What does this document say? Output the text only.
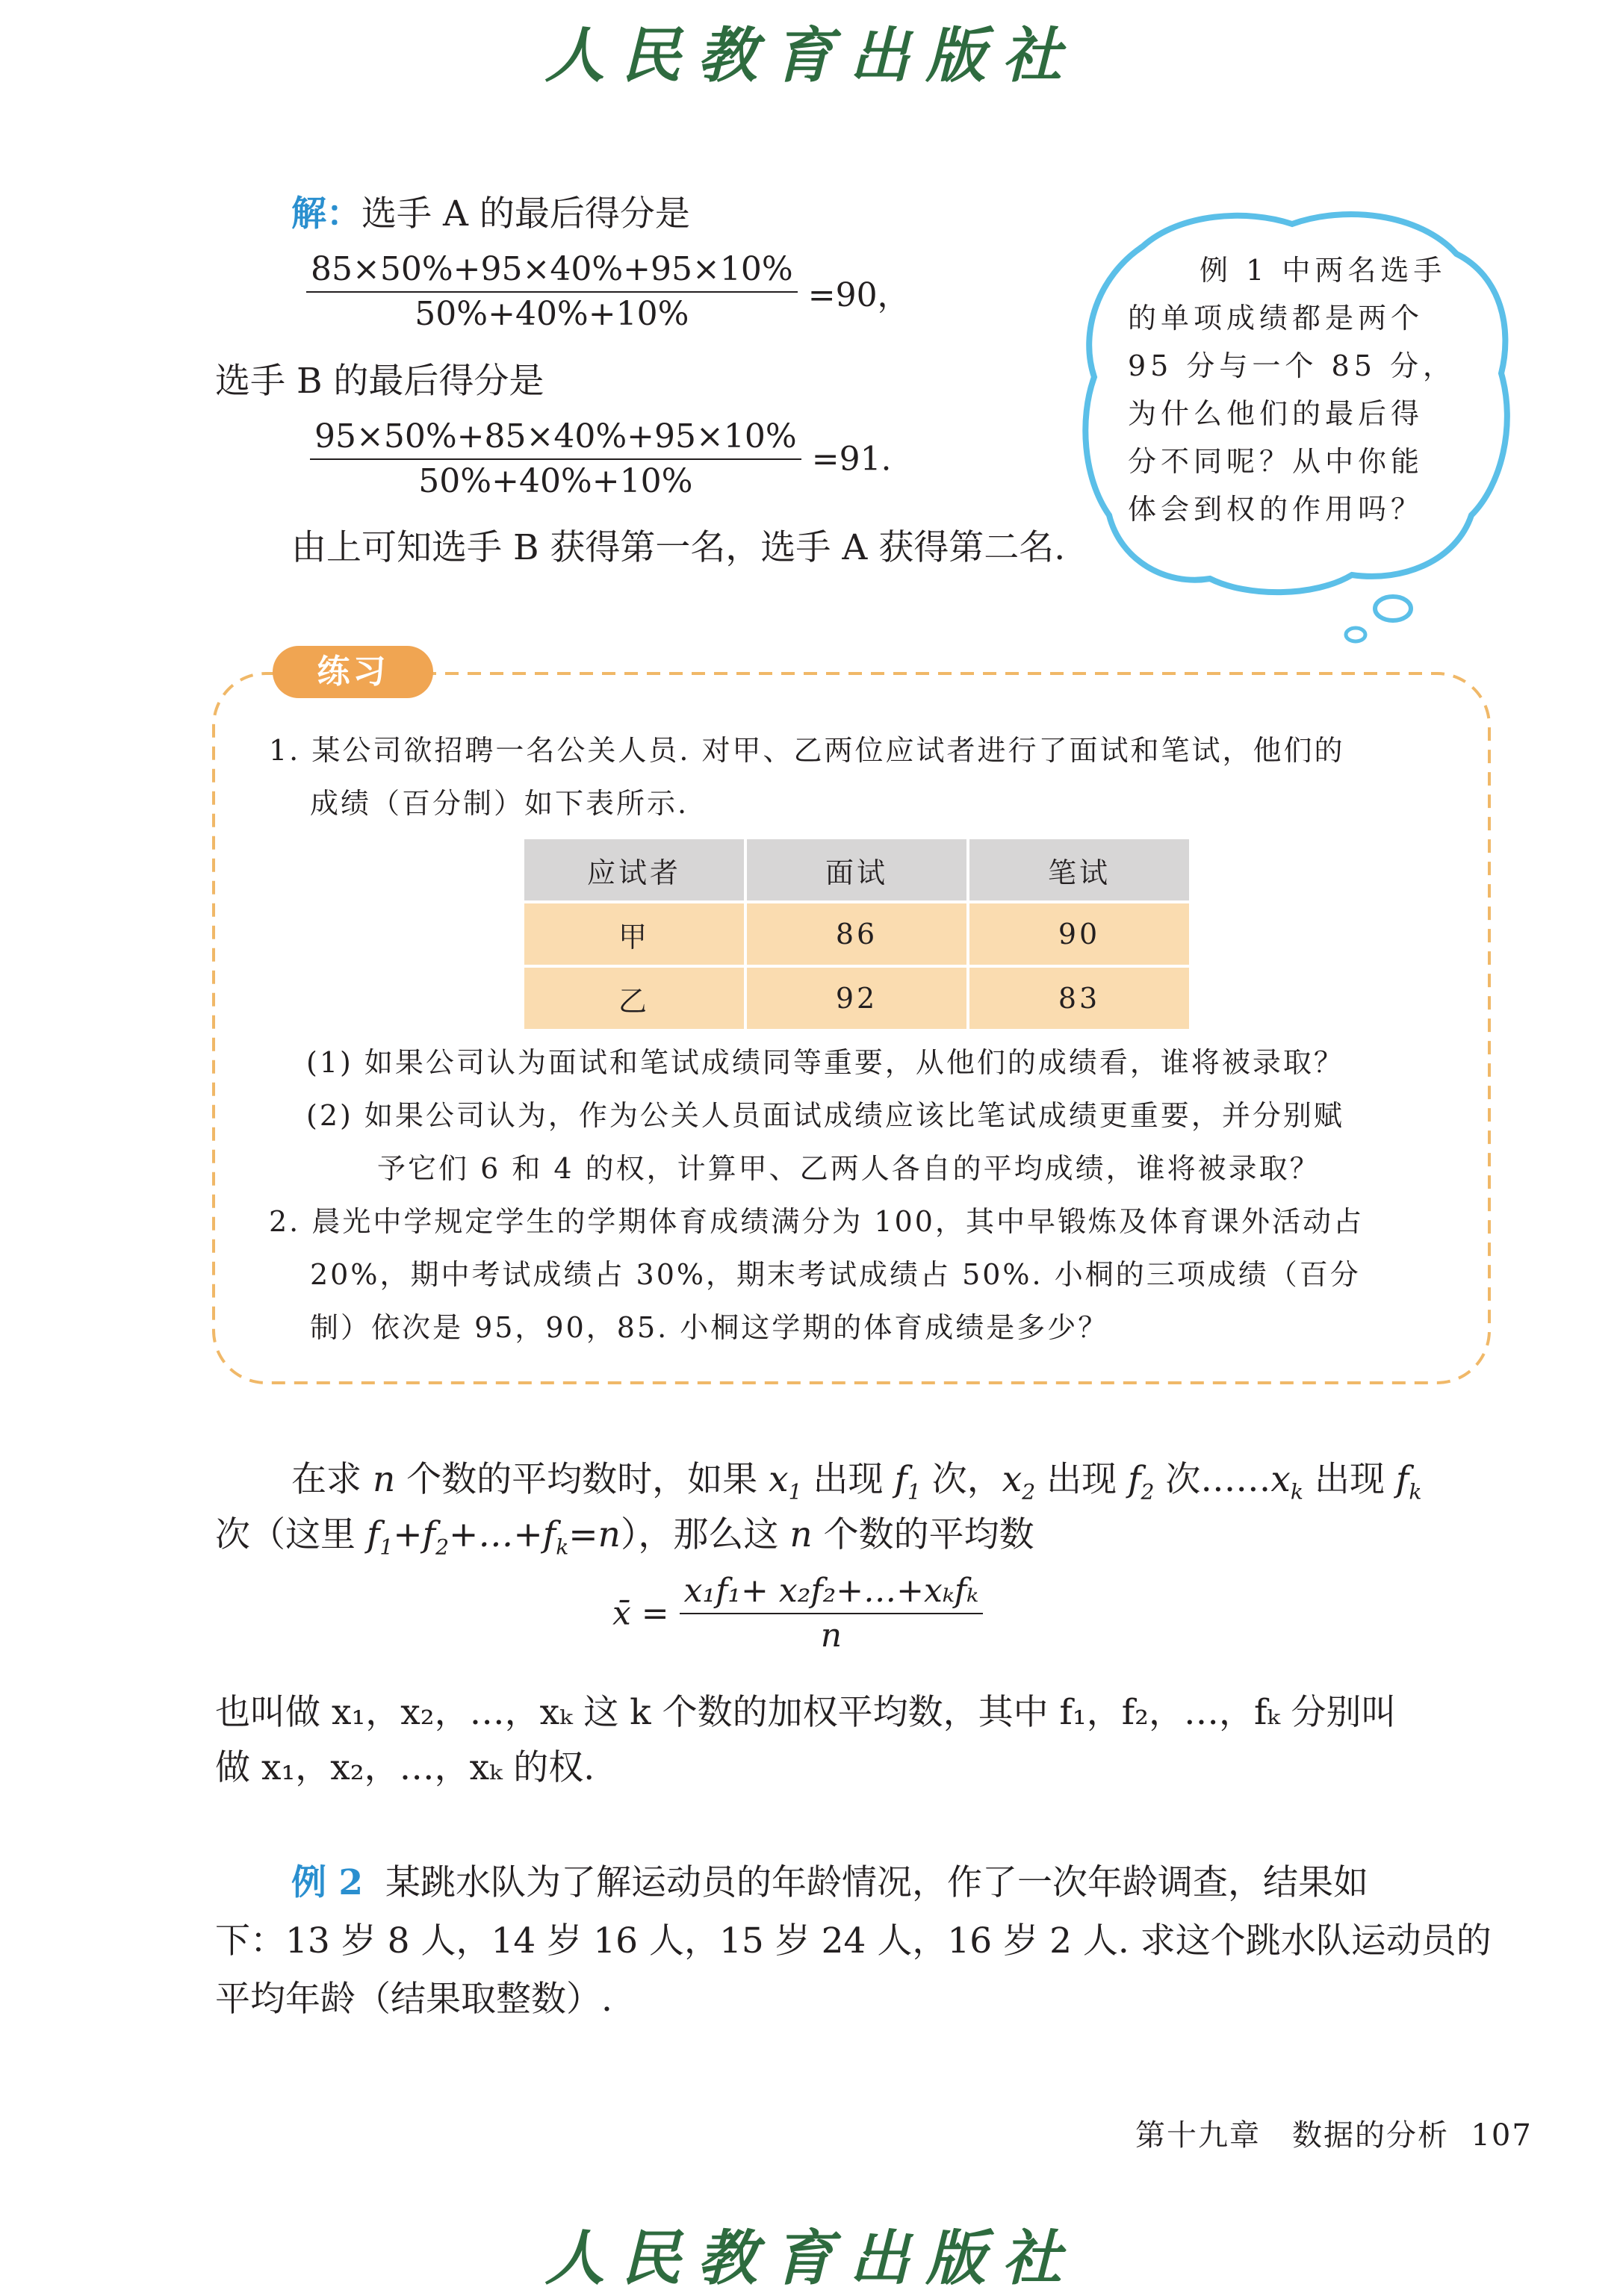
人民教育出版社
解：选手 A 的最后得分是
$\frac{85\times 50\%+95\times 40\%+95\times 10\%}{50\%+40\%+10\%} =90$，
选手 B 的最后得分是
$\frac{95\times 50\%+85\times 40\%+95\times 10\%}{50\%+40\%+10\%} =91$.
由上可知选手 B 获得第一名，选手 A 获得第二名.
例 1 中两名选手
的单项成绩都是两个
95 分与一个 85 分，
为什么他们的最后得
分不同呢？从中你能
体会到权的作用吗？
练习
1. 某公司欲招聘一名公关人员. 对甲、乙两位应试者进行了面试和笔试，他们的
成绩（百分制）如下表所示.
应试者	面试	笔试
甲	86	90
乙	92	83
(1) 如果公司认为面试和笔试成绩同等重要，从他们的成绩看，谁将被录取？
(2) 如果公司认为，作为公关人员面试成绩应该比笔试成绩更重要，并分别赋
予它们 6 和 4 的权，计算甲、乙两人各自的平均成绩，谁将被录取？
2. 晨光中学规定学生的学期体育成绩满分为 100，其中早锻炼及体育课外活动占
20%，期中考试成绩占 30%，期末考试成绩占 50%. 小桐的三项成绩（百分
制）依次是 95，90，85. 小桐这学期的体育成绩是多少？
在求 n 个数的平均数时，如果 $x_1$ 出现 $f_1$ 次，$x_2$ 出现 $f_2$ 次$\dots\dots x_k$ 出现 $f_k$
次（这里 $f_1+f_2+\dots+f_k=n$），那么这 n 个数的平均数
x̄ = $\frac{\text{x₁f₁+ x₂f₂+…+xₖfₖ}}{n}$
也叫做 x₁，x₂，…，xₖ 这 k 个数的加权平均数，其中 f₁，f₂，…，fₖ 分别叫
做 x₁，x₂，…，xₖ 的权.
例 2 某跳水队为了解运动员的年龄情况，作了一次年龄调查，结果如
下：13 岁 8 人，14 岁 16 人，15 岁 24 人，16 岁 2 人. 求这个跳水队运动员的
平均年龄（结果取整数）.
第十九章　数据的分析 107
人民教育出版社
